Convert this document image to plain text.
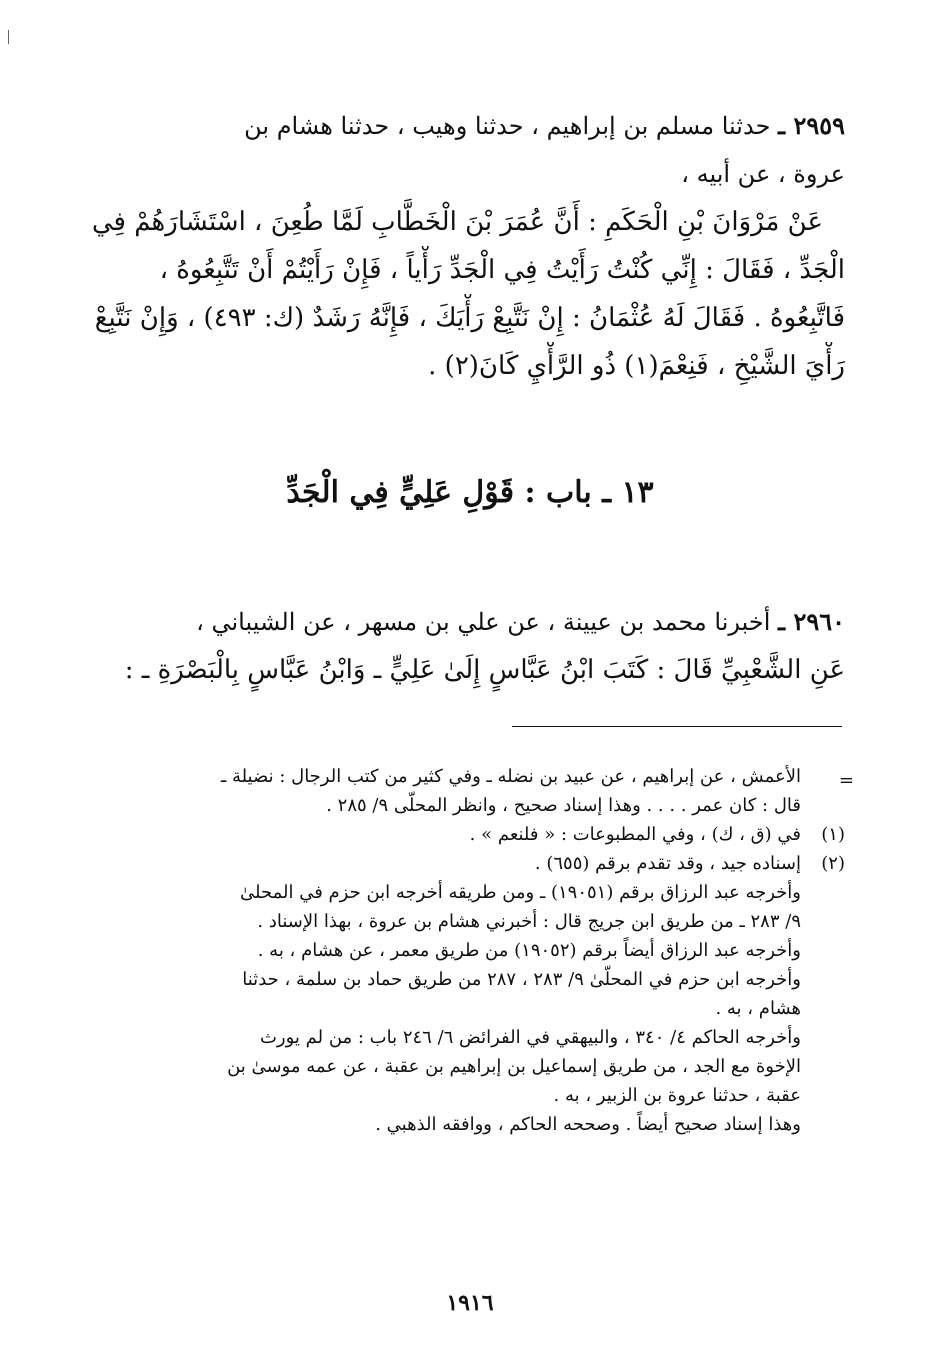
٢٩٥٩ ـ حدثنا مسلم بن إبراهيم ، حدثنا وهيب ، حدثنا هشام بن
عروة ، عن أبيه ،
عَنْ مَرْوَانَ بْنِ الْحَكَمِ : أَنَّ عُمَرَ بْنَ الْخَطَّابِ لَمَّا طُعِنَ ، اسْتَشَارَهُمْ فِي
الْجَدِّ ، فَقَالَ : إِنِّي كُنْتُ رَأَيْتُ فِي الْجَدِّ رَأْياً ، فَإِنْ رَأَيْتُمْ أَنْ تَتَّبِعُوهُ ،
فَاتَّبِعُوهُ . فَقَالَ لَهُ عُثْمَانُ : إِنْ نَتَّبِعْ رَأْيَكَ ، فَإِنَّهُ رَشَدٌ (ك: ٤٩٣) ، وَإِنْ نَتَّبِعْ
رَأْيَ الشَّيْخِ ، فَنِعْمَ(١) ذُو الرَّأْيِ كَانَ(٢) .
١٣ ـ باب : قَوْلِ عَلِيٍّ فِي الْجَدِّ
٢٩٦٠ ـ أخبرنا محمد بن عيينة ، عن علي بن مسهر ، عن الشيباني ،
عَنِ الشَّعْبِيِّ قَالَ : كَتَبَ ابْنُ عَبَّاسٍ إِلَىٰ عَلِيٍّ ـ وَابْنُ عَبَّاسٍ بِالْبَصْرَةِ ـ :
=
الأعمش ، عن إبراهيم ، عن عبيد بن نضله ـ وفي كثير من كتب الرجال : نضيلة ـ
قال : كان عمر . . . . وهذا إسناد صحيح ، وانظر المحلّى ٩/ ٢٨٥ .
(١)
في (ق ، ك) ، وفي المطبوعات : « فلنعم » .
(٢)
إسناده جيد ، وقد تقدم برقم (٦٥٥) .
وأخرجه عبد الرزاق برقم (١٩٠٥١) ـ ومن طريقه أخرجه ابن حزم في المحلىٰ
٩/ ٢٨٣ ـ من طريق ابن جريج قال : أخبرني هشام بن عروة ، بهذا الإسناد .
وأخرجه عبد الرزاق أيضاً برقم (١٩٠٥٢) من طريق معمر ، عن هشام ، به .
وأخرجه ابن حزم في المحلّىٰ ٩/ ٢٨٣ ، ٢٨٧ من طريق حماد بن سلمة ، حدثنا
هشام ، به .
وأخرجه الحاكم ٤/ ٣٤٠ ، والبيهقي في الفرائض ٦/ ٢٤٦ باب : من لم يورث
الإخوة مع الجد ، من طريق إسماعيل بن إبراهيم بن عقبة ، عن عمه موسىٰ بن
عقبة ، حدثنا عروة بن الزبير ، به .
وهذا إسناد صحيح أيضاً . وصححه الحاكم ، ووافقه الذهبي .
١٩١٦
